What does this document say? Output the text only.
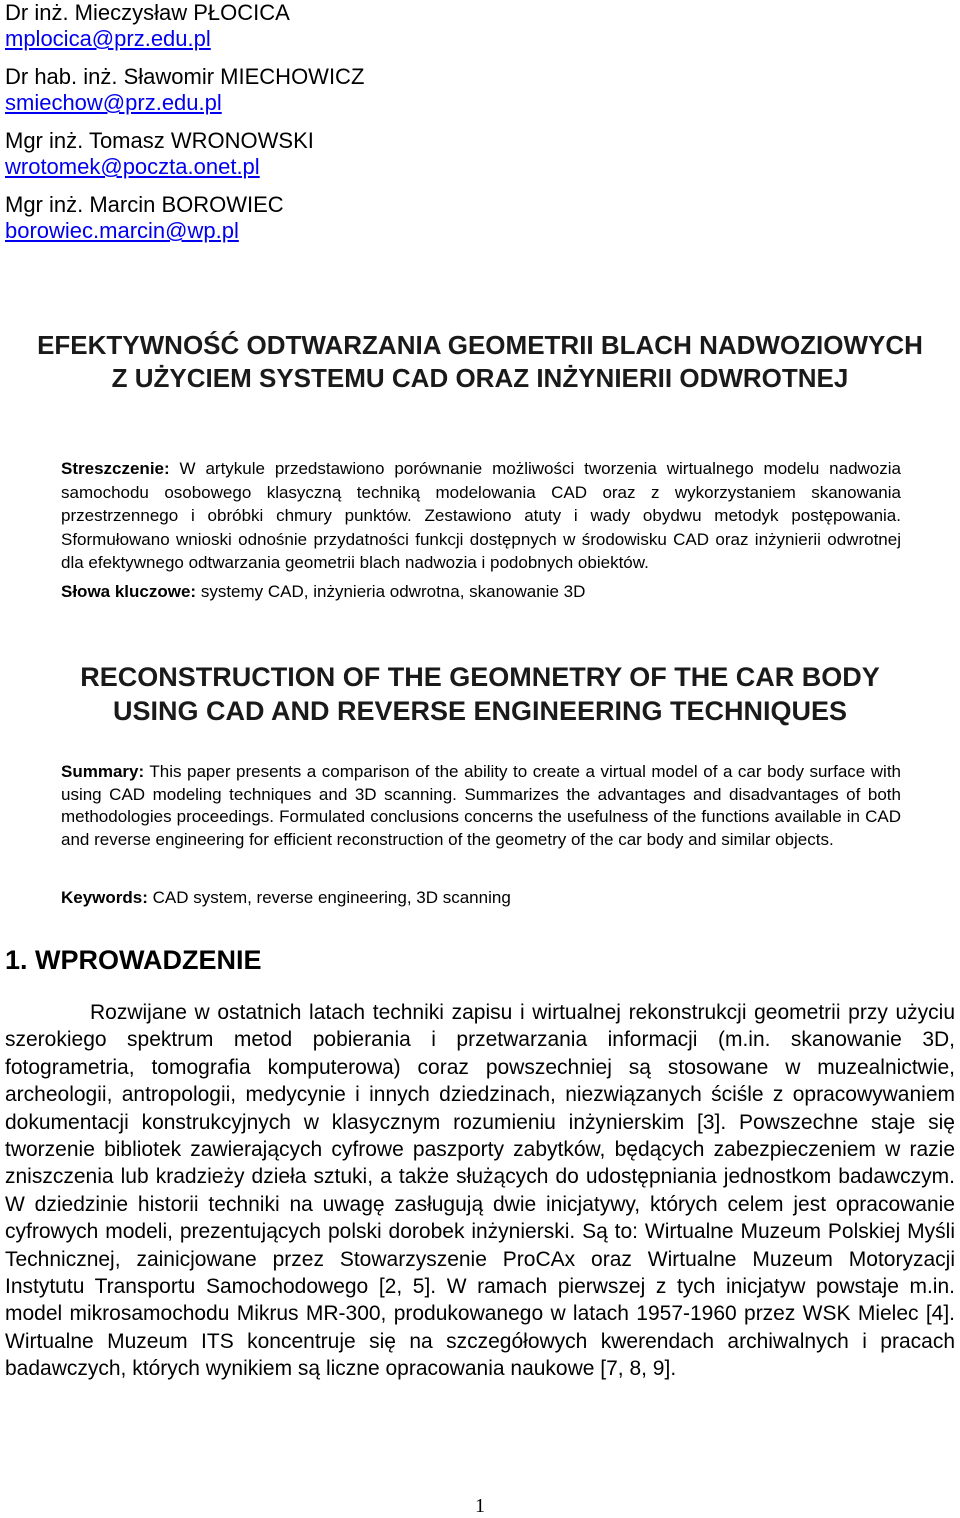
Dr inż. Mieczysław PŁOCICA
mplocica@prz.edu.pl
Dr hab. inż. Sławomir MIECHOWICZ
smiechow@prz.edu.pl
Mgr inż. Tomasz WRONOWSKI
wrotomek@poczta.onet.pl
Mgr inż. Marcin BOROWIEC
borowiec.marcin@wp.pl
EFEKTYWNOŚĆ ODTWARZANIA GEOMETRII BLACH NADWOZIOWYCH
Z UŻYCIEM SYSTEMU CAD ORAZ INŻYNIERII ODWROTNEJ
Streszczenie: W artykule przedstawiono porównanie możliwości tworzenia wirtualnego modelu nadwozia samochodu osobowego klasyczną techniką modelowania CAD oraz z wykorzystaniem skanowania przestrzennego i obróbki chmury punktów. Zestawiono atuty i wady obydwu metodyk postępowania. Sformułowano wnioski odnośnie przydatności funkcji dostępnych w środowisku CAD oraz inżynierii odwrotnej dla efektywnego odtwarzania geometrii blach nadwozia i podobnych obiektów.
Słowa kluczowe: systemy CAD, inżynieria odwrotna, skanowanie 3D
RECONSTRUCTION OF THE GEOMNETRY OF THE CAR BODY
USING CAD AND REVERSE ENGINEERING TECHNIQUES
Summary: This paper presents a comparison of the ability to create a virtual model of a car body surface with using CAD modeling techniques and 3D scanning. Summarizes the advantages and disadvantages of both methodologies proceedings. Formulated conclusions concerns the usefulness of the functions available in CAD and reverse engineering for efficient reconstruction of the geometry of the car body and similar objects.
Keywords: CAD system, reverse engineering, 3D scanning
1. WPROWADZENIE
Rozwijane w ostatnich latach techniki zapisu i wirtualnej rekonstrukcji geometrii przy użyciu szerokiego spektrum metod pobierania i przetwarzania informacji (m.in. skanowanie 3D, fotogrametria, tomografia komputerowa) coraz powszechniej są stosowane w muzealnictwie, archeologii, antropologii, medycynie i innych dziedzinach, niezwiązanych ściśle z opracowywaniem dokumentacji konstrukcyjnych w klasycznym rozumieniu inżynierskim [3]. Powszechne staje się tworzenie bibliotek zawierających cyfrowe paszporty zabytków, będących zabezpieczeniem w razie zniszczenia lub kradzieży dzieła sztuki, a także służących do udostępniania jednostkom badawczym. W dziedzinie historii techniki na uwagę zasługują dwie inicjatywy, których celem jest opracowanie cyfrowych modeli, prezentujących polski dorobek inżynierski. Są to: Wirtualne Muzeum Polskiej Myśli Technicznej, zainicjowane przez Stowarzyszenie ProCAx oraz Wirtualne Muzeum Motoryzacji Instytutu Transportu Samochodowego [2, 5]. W ramach pierwszej z tych inicjatyw powstaje m.in. model mikrosamochodu Mikrus MR-300, produkowanego w latach 1957-1960 przez WSK Mielec [4]. Wirtualne Muzeum ITS koncentruje się na szczegółowych kwerendach archiwalnych i pracach badawczych, których wynikiem są liczne opracowania naukowe [7, 8, 9].
1
